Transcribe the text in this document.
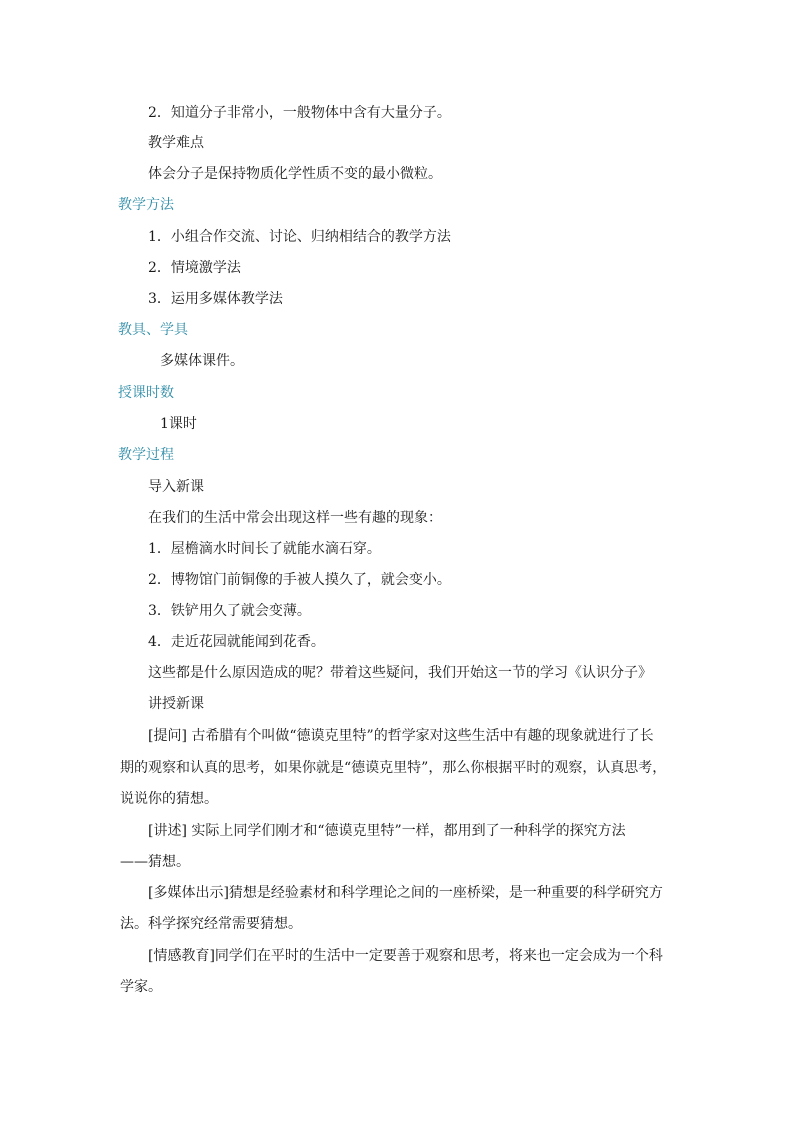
2．知道分子非常小，一般物体中含有大量分子。
教学难点
体会分子是保持物质化学性质不变的最小微粒。
教学方法
1．小组合作交流、讨论、归纳相结合的教学方法
2．情境激学法
3．运用多媒体教学法
教具、学具
多媒体课件。
授课时数
1课时
教学过程
导入新课
在我们的生活中常会出现这样一些有趣的现象：
1．屋檐滴水时间长了就能水滴石穿。
2．博物馆门前铜像的手被人摸久了，就会变小。
3．铁铲用久了就会变薄。
4．走近花园就能闻到花香。
这些都是什么原因造成的呢？带着这些疑问，我们开始这一节的学习《认识分子》
讲授新课
[提问] 古希腊有个叫做“德谟克里特”的哲学家对这些生活中有趣的现象就进行了长
期的观察和认真的思考，如果你就是“德谟克里特”，那么你根据平时的观察，认真思考，
说说你的猜想。
[讲述] 实际上同学们刚才和“德谟克里特”一样，都用到了一种科学的探究方法
——猜想。
[多媒体出示]猜想是经验素材和科学理论之间的一座桥梁，是一种重要的科学研究方
法。科学探究经常需要猜想。
[情感教育]同学们在平时的生活中一定要善于观察和思考，将来也一定会成为一个科
学家。
